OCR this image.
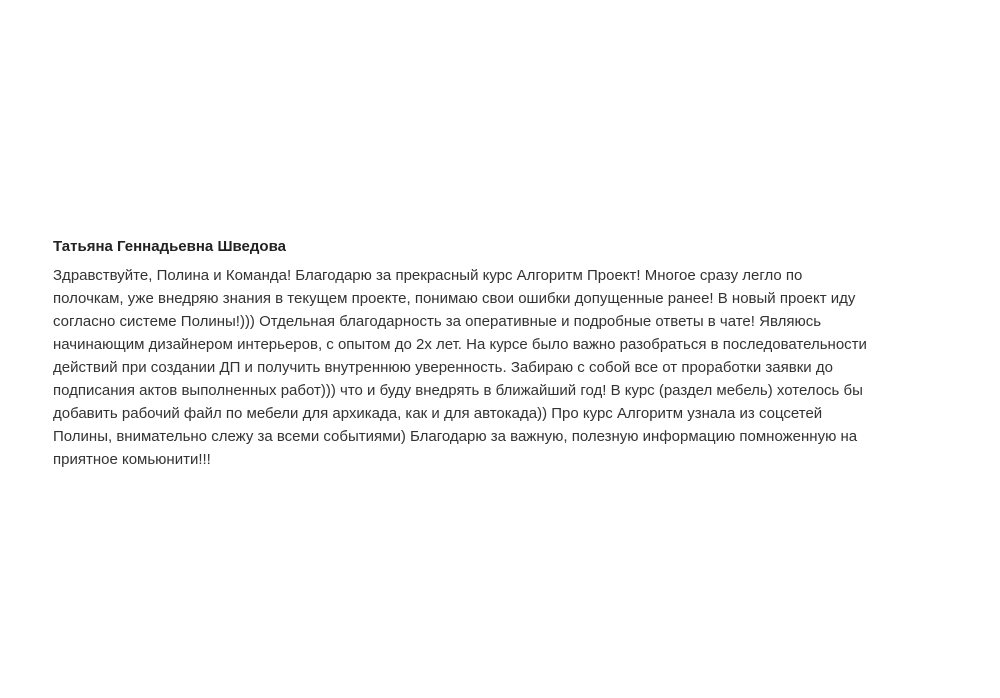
Татьяна Геннадьевна Шведова
Здравствуйте, Полина и Команда! Благодарю за прекрасный курс Алгоритм Проект! Многое сразу легло по
полочкам, уже внедряю знания в текущем проекте, понимаю свои ошибки допущенные ранее! В новый проект иду
согласно системе Полины!))) Отдельная благодарность за оперативные и подробные ответы в чате! Являюсь
начинающим дизайнером интерьеров, с опытом до 2х лет. На курсе было важно разобраться в последовательности
действий при создании ДП и получить внутреннюю уверенность. Забираю с собой все от проработки заявки до
подписания актов выполненных работ))) что и буду внедрять в ближайший год! В курс (раздел мебель) хотелось бы
добавить рабочий файл по мебели для архикада, как и для автокада)) Про курс Алгоритм узнала из соцсетей
Полины, внимательно слежу за всеми событиями) Благодарю за важную, полезную информацию помноженную на
приятное комьюнити!!!
